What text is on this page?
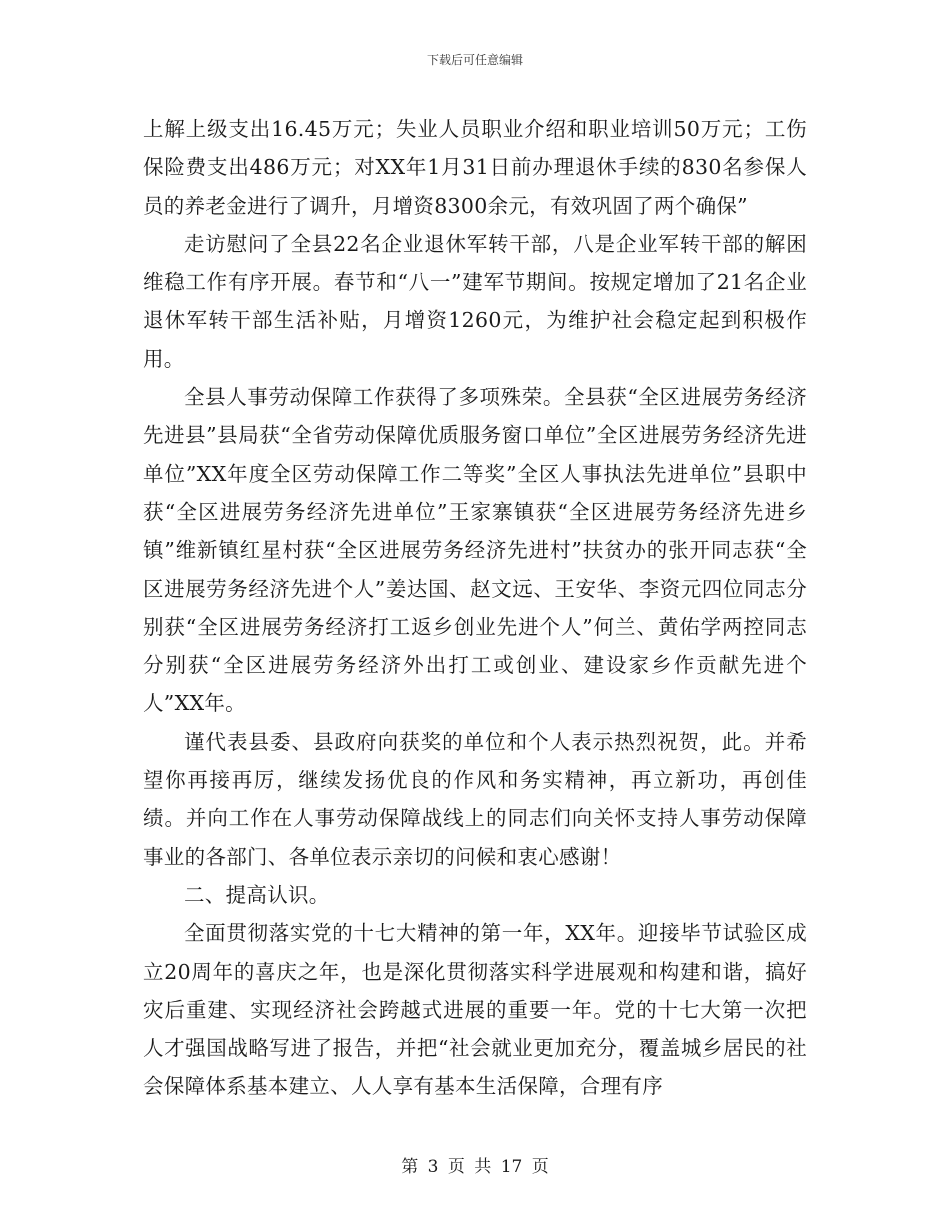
下载后可任意编辑

上解上级支出16.45万元；失业人员职业介绍和职业培训50万元；工伤保险费支出486万元；对XX年1月31日前办理退休手续的830名参保人员的养老金进行了调升，月增资8300余元，有效巩固了两个确保”

走访慰问了全县22名企业退休军转干部，八是企业军转干部的解困维稳工作有序开展。春节和“八一”建军节期间。按规定增加了21名企业退休军转干部生活补贴，月增资1260元，为维护社会稳定起到积极作用。

全县人事劳动保障工作获得了多项殊荣。全县获“全区进展劳务经济先进县”县局获“全省劳动保障优质服务窗口单位”全区进展劳务经济先进单位”XX年度全区劳动保障工作二等奖”全区人事执法先进单位”县职中获“全区进展劳务经济先进单位”王家寨镇获“全区进展劳务经济先进乡镇”维新镇红星村获“全区进展劳务经济先进村”扶贫办的张开同志获“全区进展劳务经济先进个人”姜达国、赵文远、王安华、李资元四位同志分别获“全区进展劳务经济打工返乡创业先进个人”何兰、黄佑学两控同志分别获“全区进展劳务经济外出打工或创业、建设家乡作贡献先进个人”XX年。

谨代表县委、县政府向获奖的单位和个人表示热烈祝贺，此。并希望你再接再厉，继续发扬优良的作风和务实精神，再立新功，再创佳绩。并向工作在人事劳动保障战线上的同志们向关怀支持人事劳动保障事业的各部门、各单位表示亲切的问候和衷心感谢！

二、提高认识。

全面贯彻落实党的十七大精神的第一年，XX年。迎接毕节试验区成立20周年的喜庆之年，也是深化贯彻落实科学进展观和构建和谐，搞好灾后重建、实现经济社会跨越式进展的重要一年。党的十七大第一次把人才强国战略写进了报告，并把“社会就业更加充分，覆盖城乡居民的社会保障体系基本建立、人人享有基本生活保障，合理有序

第 3 页 共 17 页
